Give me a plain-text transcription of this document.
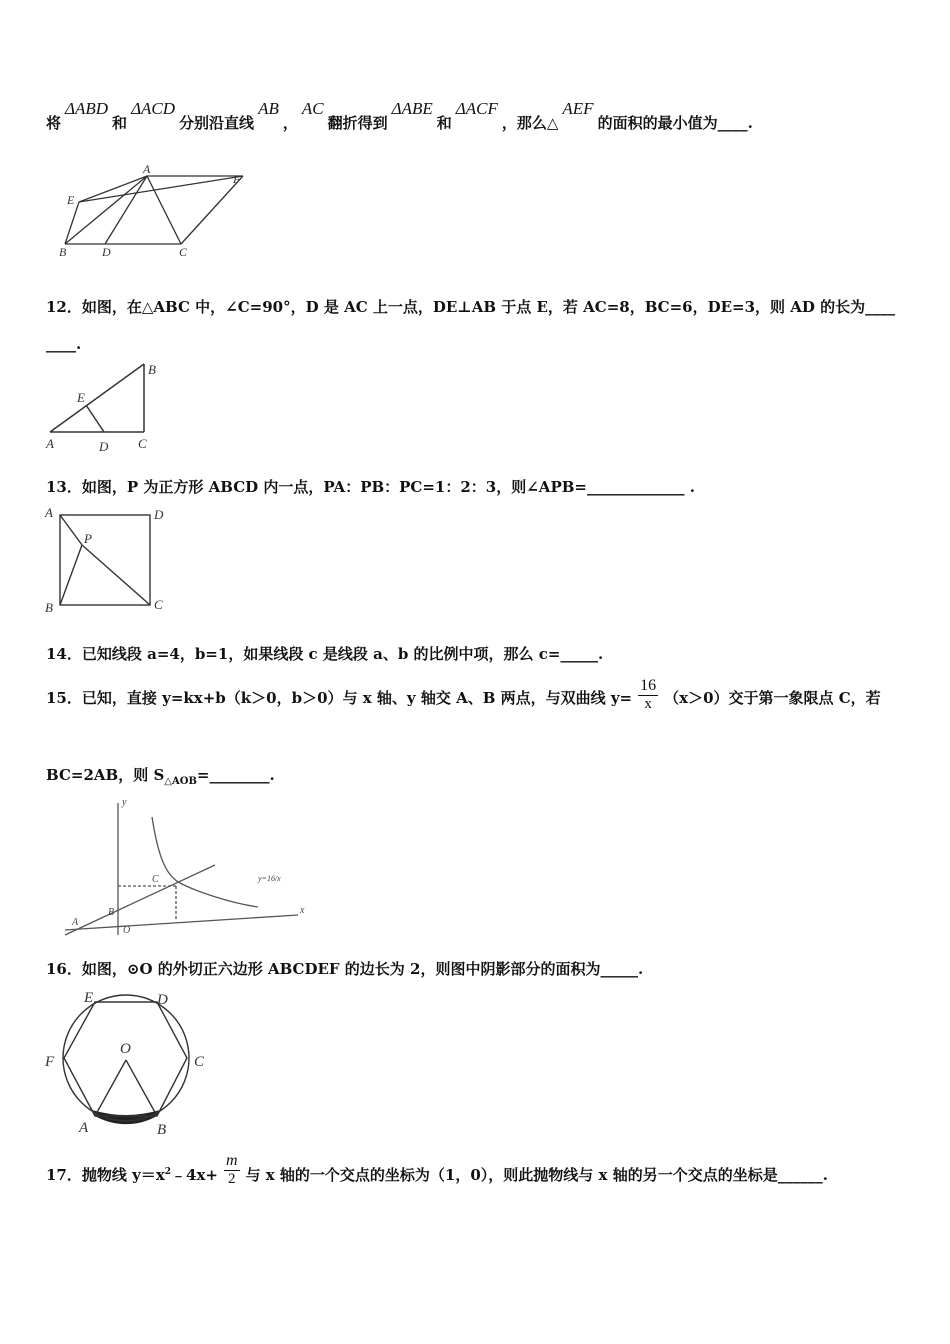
将ΔABD和ΔACD分别沿直线AB，AC翻折得到ΔABE和ΔACF，那么△AEF的面积的最小值为____.
A
F
E
B	D	C
12．如图，在△ABC 中，∠C=90°，D 是 AC 上一点，DE⊥AB 于点 E，若 AC=8，BC=6，DE=3，则 AD 的长为____
____.
B
E
A	D C
13．如图，P 为正方形 ABCD 内一点，PA：PB：PC=1：2：3，则∠APB=_____________ .
A	D
P
B	C
14．已知线段 a=4，b=1，如果线段 c 是线段 a、b 的比例中项，那么 c=_____.
15．已知，直接 y=kx+b（k＞0，b＞0）与 x 轴、y 轴交 A、B 两点，与双曲线 $y= \frac{16}{x} (x>0)$交于第一象限点 C，若
BC=2AB，则 $S_{\triangle AOB}=\_\_\_\_\_\_\_\_$.
y
C
B
A
O
x
y=16/x
16．如图，⊙O 的外切正六边形 ABCDEF 的边长为 2，则图中阴影部分的面积为_____.
E	D
F
O
C
A	B
17．抛物线 $y=x^2﹣4x+ \frac{m}{2}$ 与 x 轴的一个交点的坐标为（1，0），则此抛物线与 x 轴的另一个交点的坐标是______.
